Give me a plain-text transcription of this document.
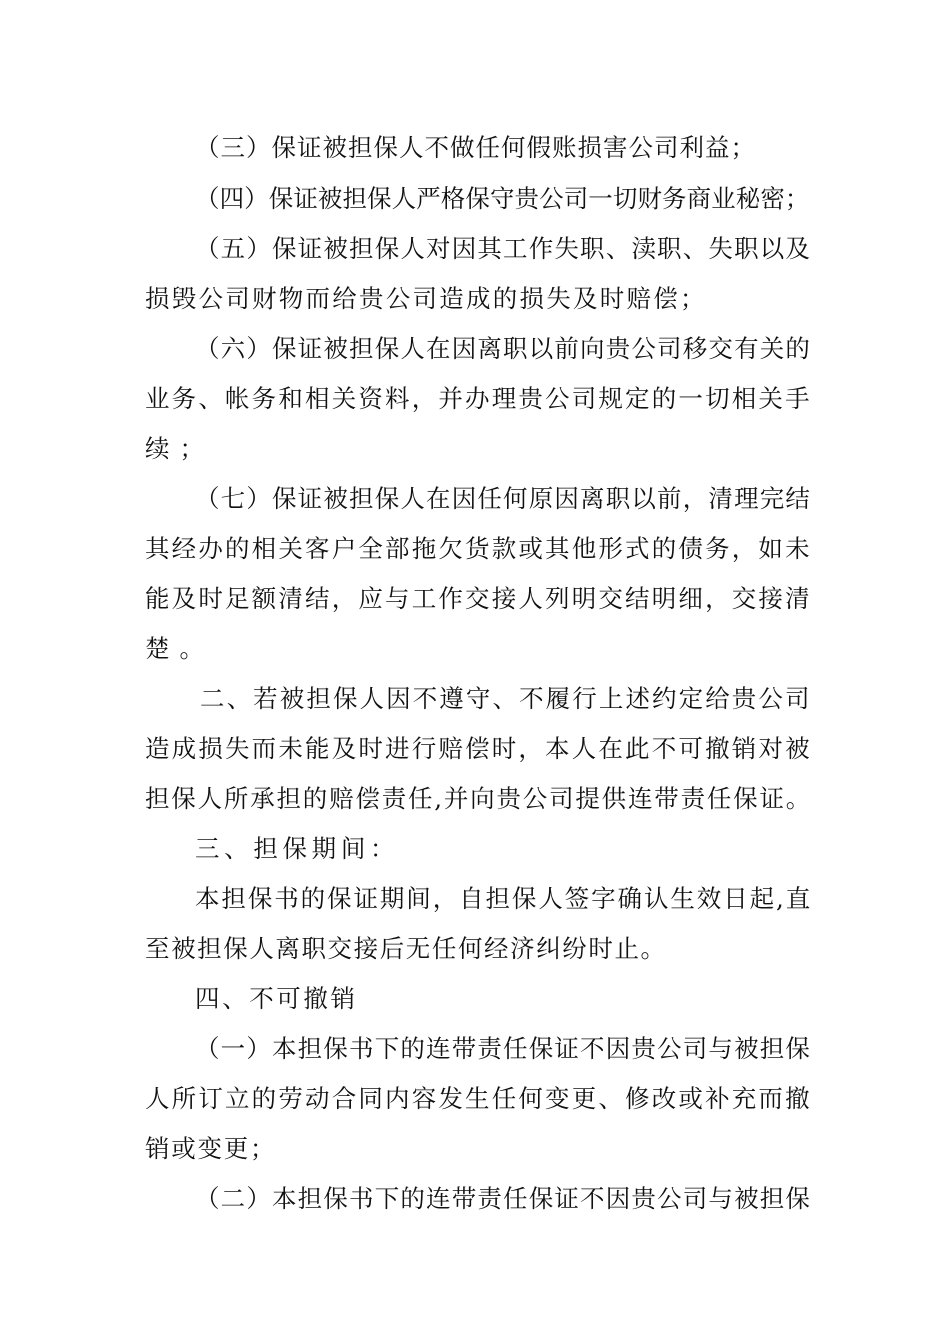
（三）保证被担保人不做任何假账损害公司利益；
（四）保证被担保人严格保守贵公司一切财务商业秘密；
（五）保证被担保人对因其工作失职、渎职、失职以及
损毁公司财物而给贵公司造成的损失及时赔偿；
（六）保证被担保人在因离职以前向贵公司移交有关的
业务、帐务和相关资料，并办理贵公司规定的一切相关手
续；
（七）保证被担保人在因任何原因离职以前，清理完结
其经办的相关客户全部拖欠货款或其他形式的债务，如未
能及时足额清结，应与工作交接人列明交结明细，交接清
楚。
二、若被担保人因不遵守、不履行上述约定给贵公司
造成损失而未能及时进行赔偿时，本人在此不可撤销对被
担保人所承担的赔偿责任,并向贵公司提供连带责任保证。
三、担保期间：
本担保书的保证期间，自担保人签字确认生效日起,直
至被担保人离职交接后无任何经济纠纷时止。
四、不可撤销
（一）本担保书下的连带责任保证不因贵公司与被担保
人所订立的劳动合同内容发生任何变更、修改或补充而撤
销或变更；
（二）本担保书下的连带责任保证不因贵公司与被担保
